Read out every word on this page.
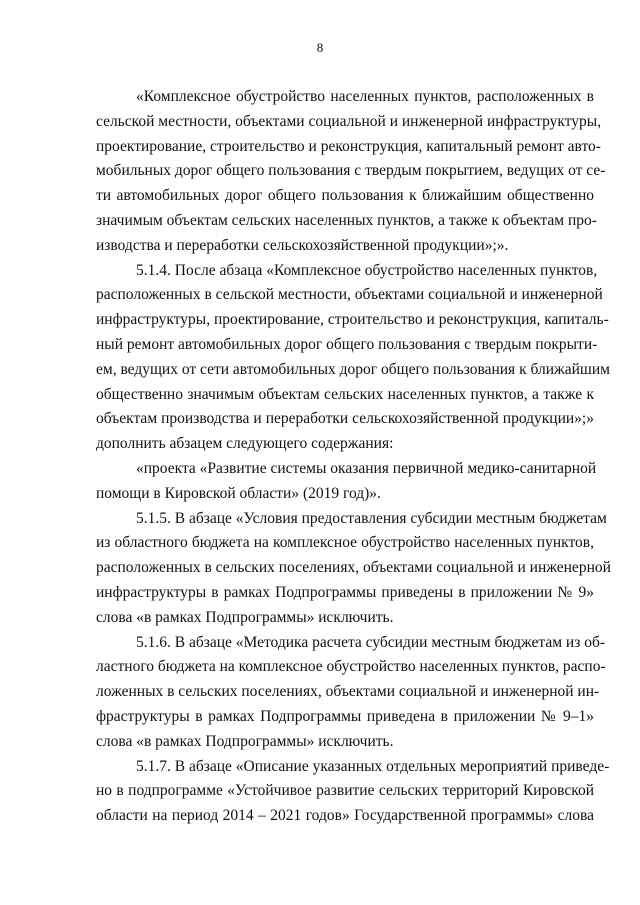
8
«Комплексное обустройство населенных пунктов, расположенных в
сельской местности, объектами социальной и инженерной инфраструктуры,
проектирование, строительство и реконструкция, капитальный ремонт авто-
мобильных дорог общего пользования с твердым покрытием, ведущих от се-
ти автомобильных дорог общего пользования к ближайшим общественно
значимым объектам сельских населенных пунктов, а также к объектам про-
изводства и переработки сельскохозяйственной продукции»;».
5.1.4. После абзаца «Комплексное обустройство населенных пунктов,
расположенных в сельской местности, объектами социальной и инженерной
инфраструктуры, проектирование, строительство и реконструкция, капиталь-
ный ремонт автомобильных дорог общего пользования с твердым покрыти-
ем, ведущих от сети автомобильных дорог общего пользования к ближайшим
общественно значимым объектам сельских населенных пунктов, а также к
объектам производства и переработки сельскохозяйственной продукции»;»
дополнить абзацем следующего содержания:
«проекта «Развитие системы оказания первичной медико-санитарной
помощи в Кировской области» (2019 год)».
5.1.5. В абзаце «Условия предоставления субсидии местным бюджетам
из областного бюджета на комплексное обустройство населенных пунктов,
расположенных в сельских поселениях, объектами социальной и инженерной
инфраструктуры в рамках Подпрограммы приведены в приложении № 9»
слова «в рамках Подпрограммы» исключить.
5.1.6. В абзаце «Методика расчета субсидии местным бюджетам из об-
ластного бюджета на комплексное обустройство населенных пунктов, распо-
ложенных в сельских поселениях, объектами социальной и инженерной ин-
фраструктуры в рамках Подпрограммы приведена в приложении № 9–1»
слова «в рамках Подпрограммы» исключить.
5.1.7. В абзаце «Описание указанных отдельных мероприятий приведе-
но в подпрограмме «Устойчивое развитие сельских территорий Кировской
области на период 2014 – 2021 годов» Государственной программы» слова
